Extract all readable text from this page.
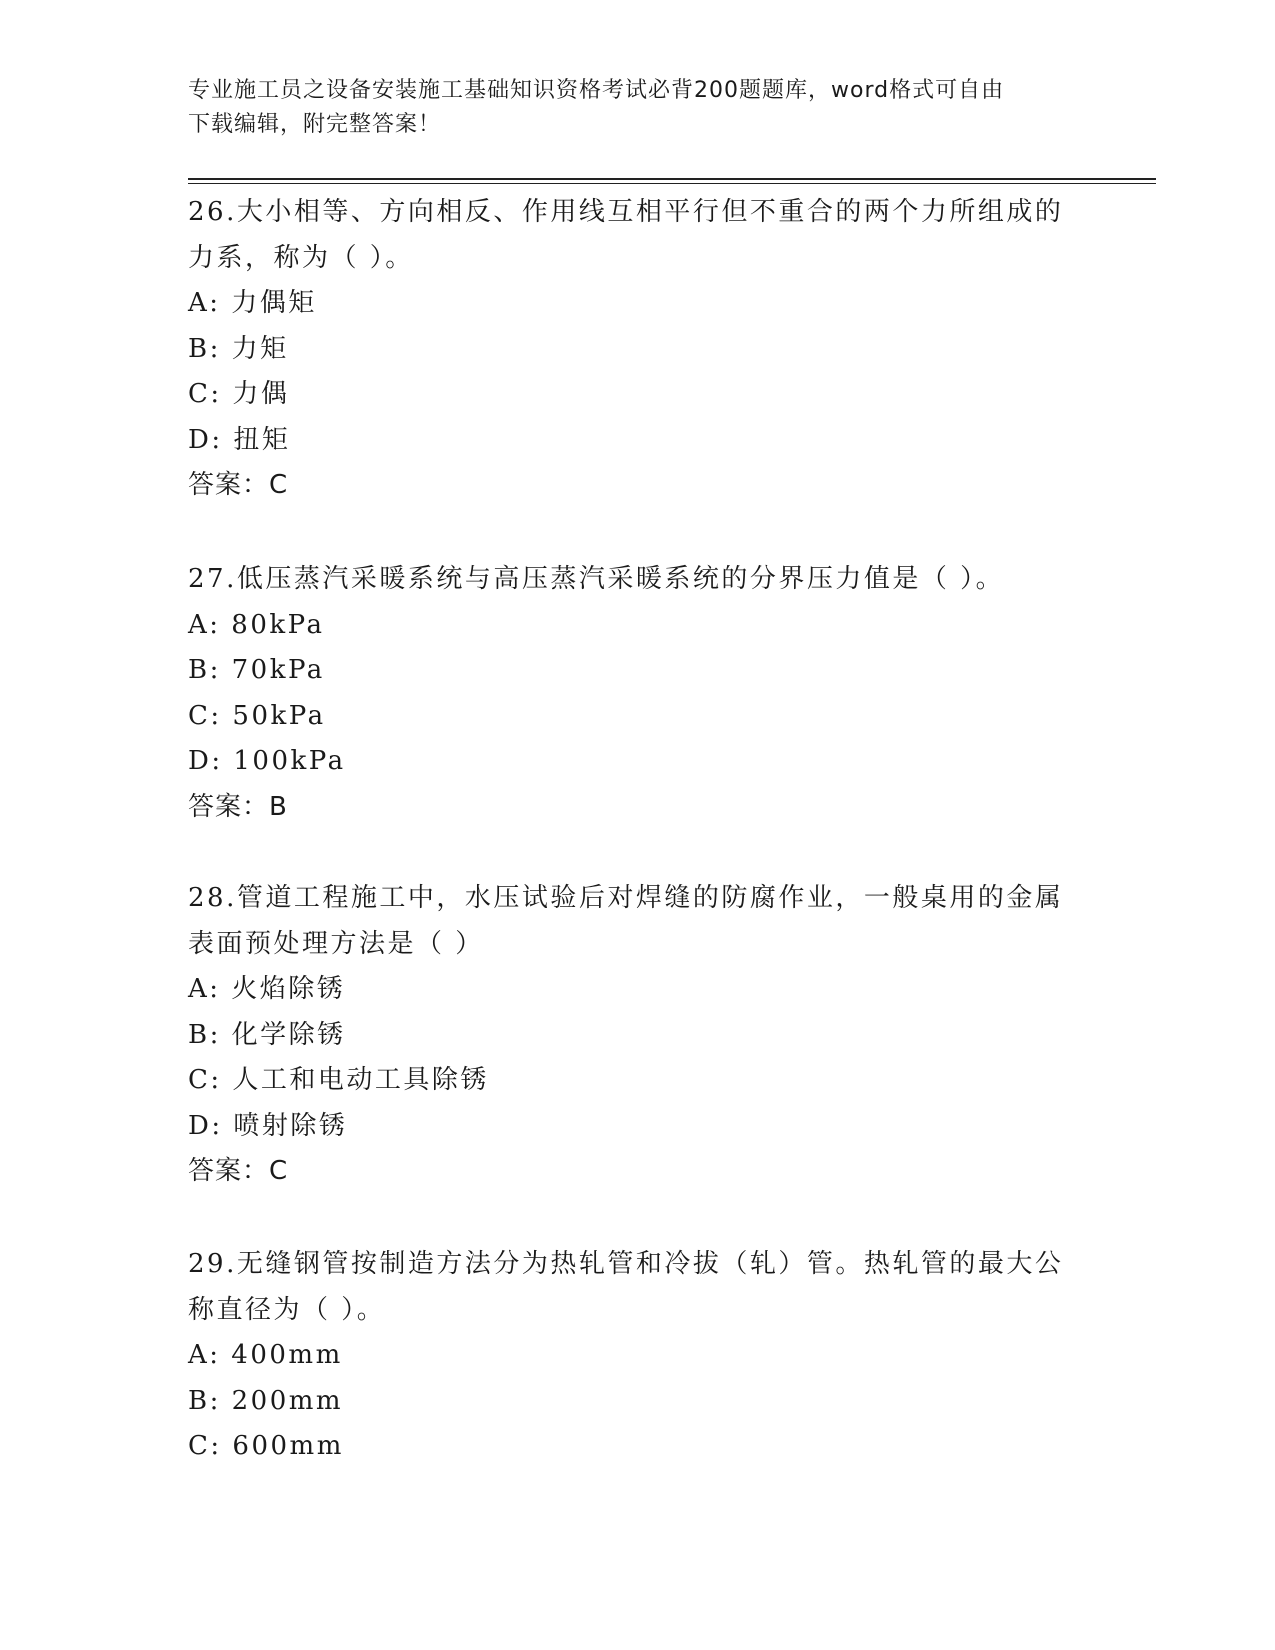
专业施工员之设备安装施工基础知识资格考试必背200题题库，word格式可自由
下载编辑，附完整答案！

26.大小相等、方向相反、作用线互相平行但不重合的两个力所组成的

力系，称为（ ）。

A: 力偶矩

B: 力矩

C: 力偶

D: 扭矩

答案：C

27.低压蒸汽采暖系统与高压蒸汽采暖系统的分界压力值是（ ）。

A: 80kPa

B: 70kPa

C: 50kPa

D: 100kPa

答案：B

28.管道工程施工中，水压试验后对焊缝的防腐作业，一般桌用的金属

表面预处理方法是（ ）

A: 火焰除锈

B: 化学除锈

C: 人工和电动工具除锈

D: 喷射除锈

答案：C

29.无缝钢管按制造方法分为热轧管和冷拔（轧）管。热轧管的最大公

称直径为（ ）。

A: 400mm

B: 200mm

C: 600mm
